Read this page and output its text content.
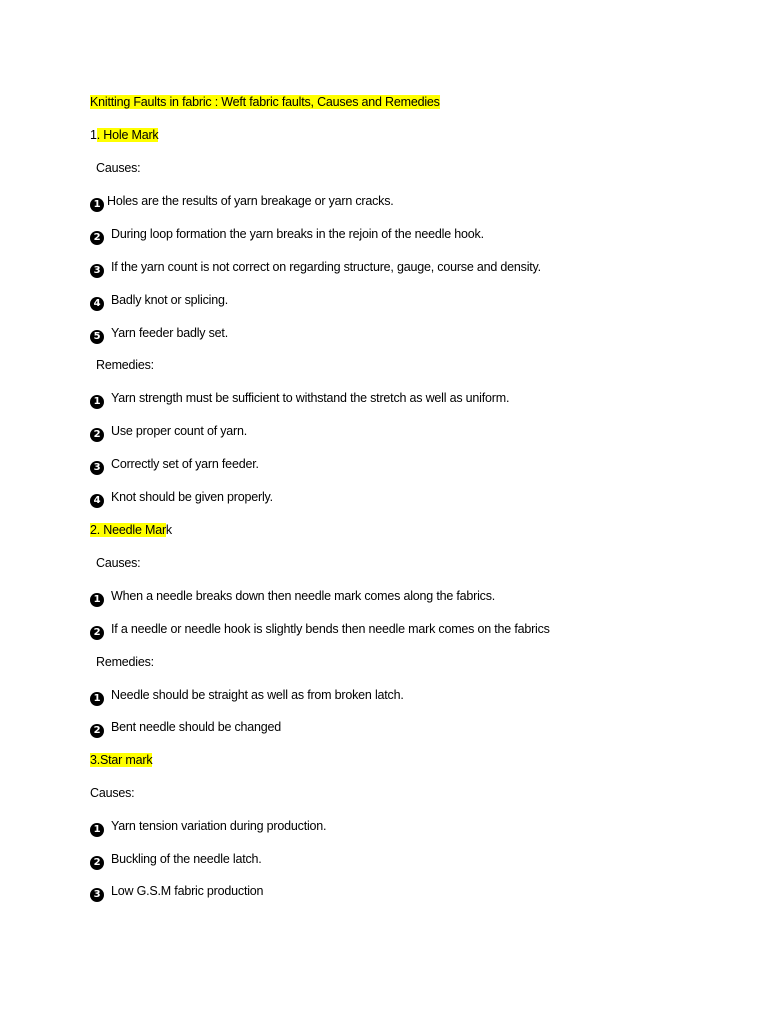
Knitting Faults in fabric : Weft fabric faults, Causes and Remedies
1. Hole Mark
Causes:
1 Holes are the results of yarn breakage or yarn cracks.
2 During loop formation the yarn breaks in the rejoin of the needle hook.
3 If the yarn count is not correct on regarding structure, gauge, course and density.
4 Badly knot or splicing.
5 Yarn feeder badly set.
Remedies:
1 Yarn strength must be sufficient to withstand the stretch as well as uniform.
2 Use proper count of yarn.
3 Correctly set of yarn feeder.
4 Knot should be given properly.
2. Needle Mark
Causes:
1 When a needle breaks down then needle mark comes along the fabrics.
2 If a needle or needle hook is slightly bends then needle mark comes on the fabrics
Remedies:
1 Needle should be straight as well as from broken latch.
2 Bent needle should be changed
3.Star mark
Causes:
1 Yarn tension variation during production.
2 Buckling of the needle latch.
3 Low G.S.M fabric production
